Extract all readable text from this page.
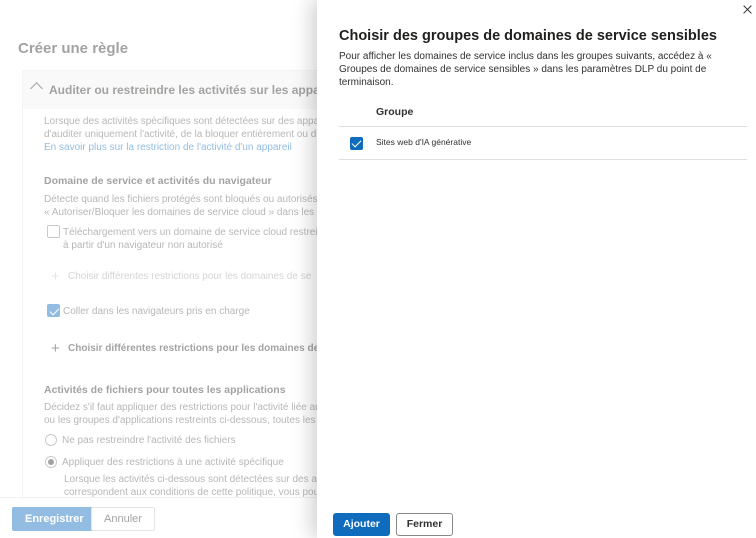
Choisir des groupes de domaines de service sensibles
Pour afficher les domaines de service inclus dans les groupes suivants, accédez à « Groupes de domaines de service sensibles » dans les paramètres DLP du point de terminaison.
Groupe
Sites web d'IA générative
Ajouter	Fermer
